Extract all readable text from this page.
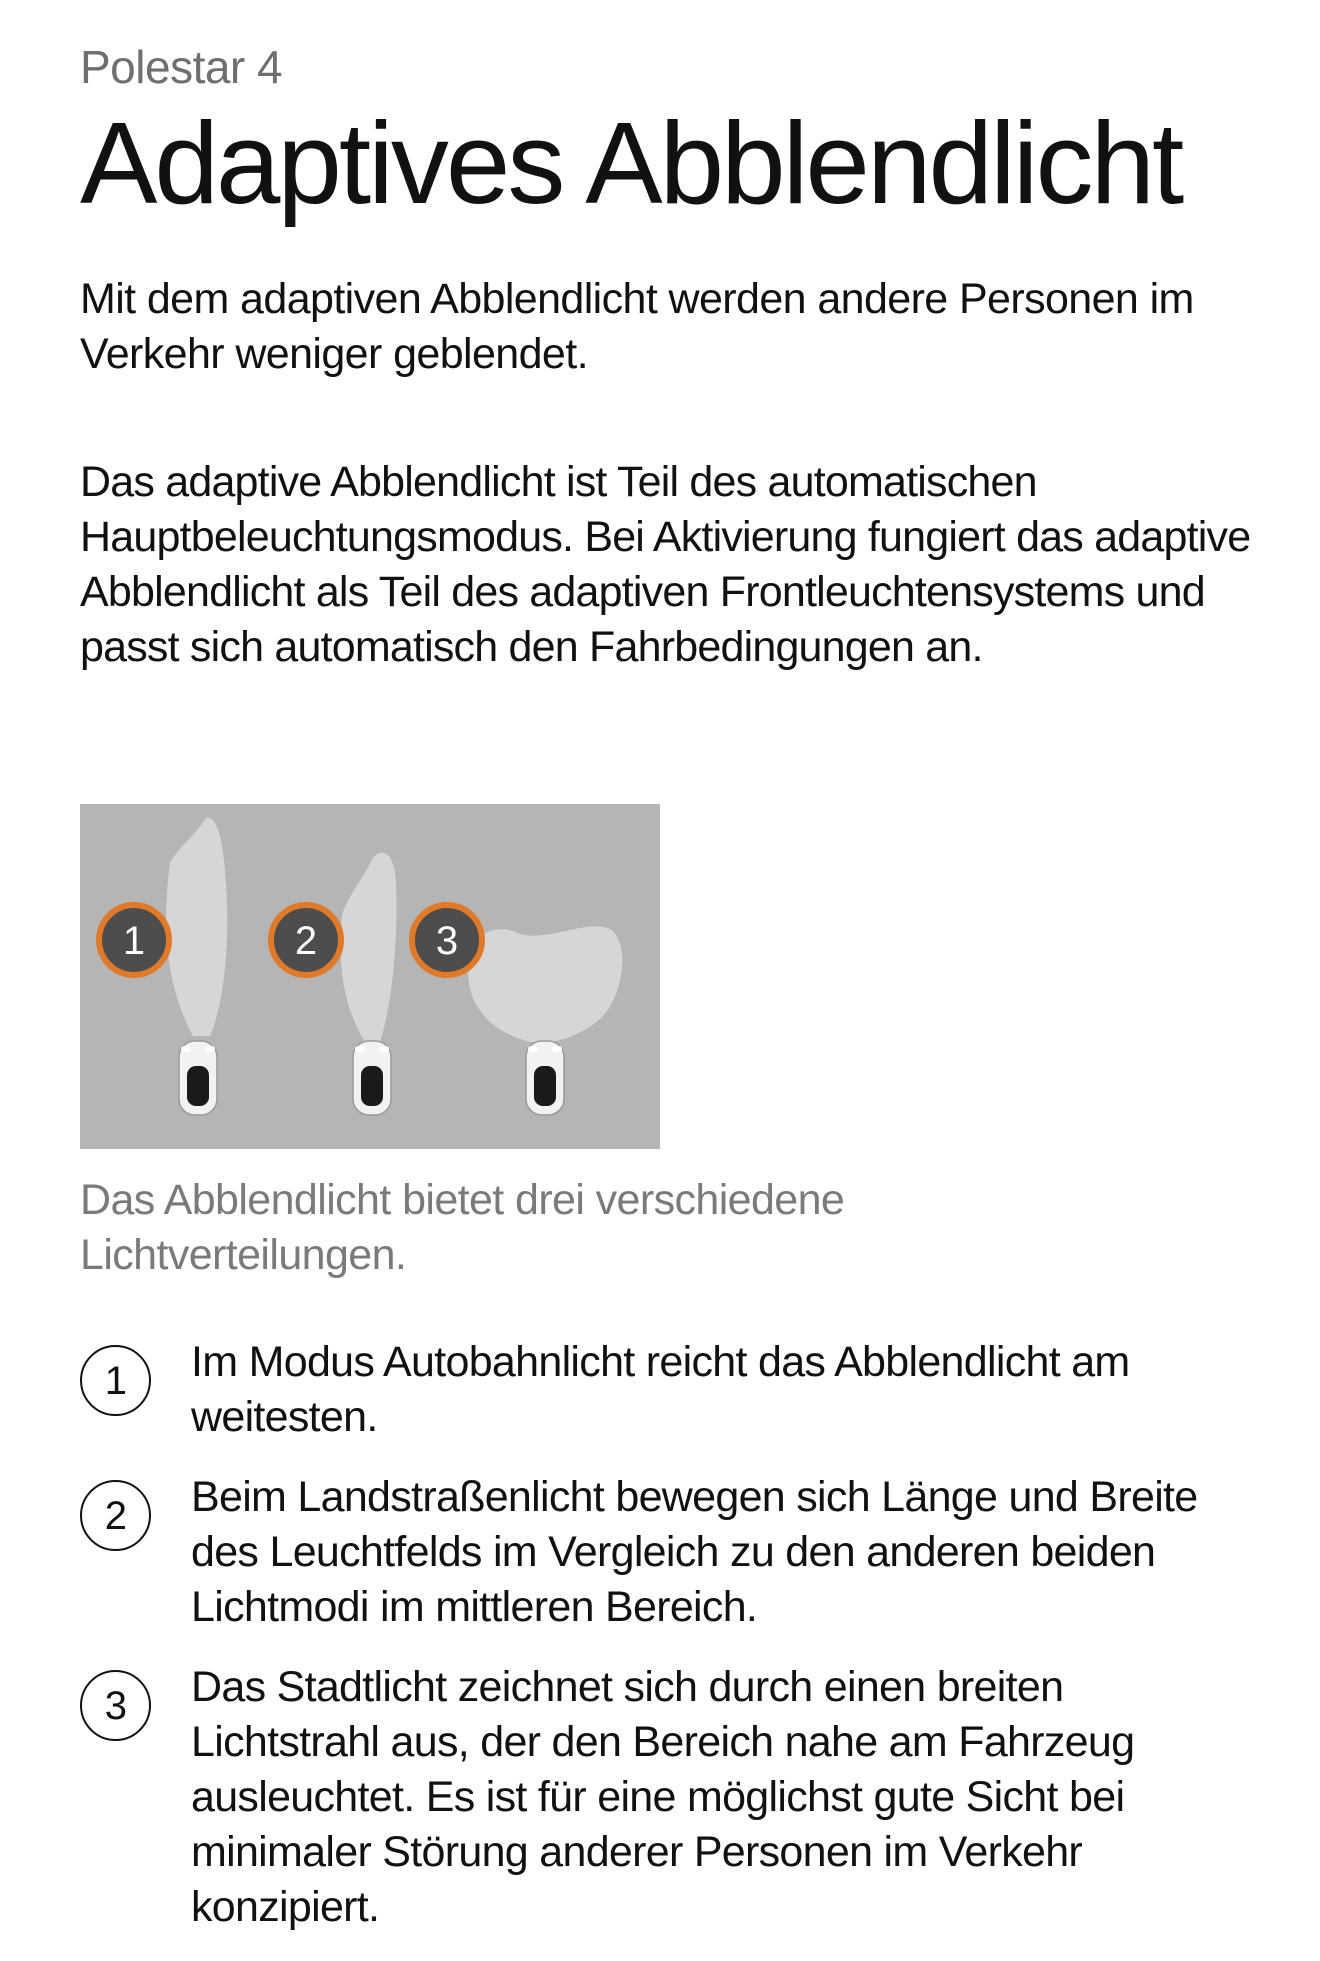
Polestar 4
Adaptives Abblendlicht

Mit dem adaptiven Abblendlicht werden andere Personen im Verkehr weniger geblendet.

Das adaptive Abblendlicht ist Teil des automatischen Hauptbeleuchtungsmodus. Bei Aktivierung fungiert das adaptive Abblendlicht als Teil des adaptiven Frontleuchtensystems und passt sich automatisch den Fahrbedingungen an.

1	2	3

Das Abblendlicht bietet drei verschiedene Lichtverteilungen.

1	Im Modus Autobahnlicht reicht das Abblendlicht am weitesten.
2	Beim Landstraßenlicht bewegen sich Länge und Breite des Leuchtfelds im Vergleich zu den anderen beiden Lichtmodi im mittleren Bereich.
3	Das Stadtlicht zeichnet sich durch einen breiten Lichtstrahl aus, der den Bereich nahe am Fahrzeug ausleuchtet. Es ist für eine möglichst gute Sicht bei minimaler Störung anderer Personen im Verkehr konzipiert.
